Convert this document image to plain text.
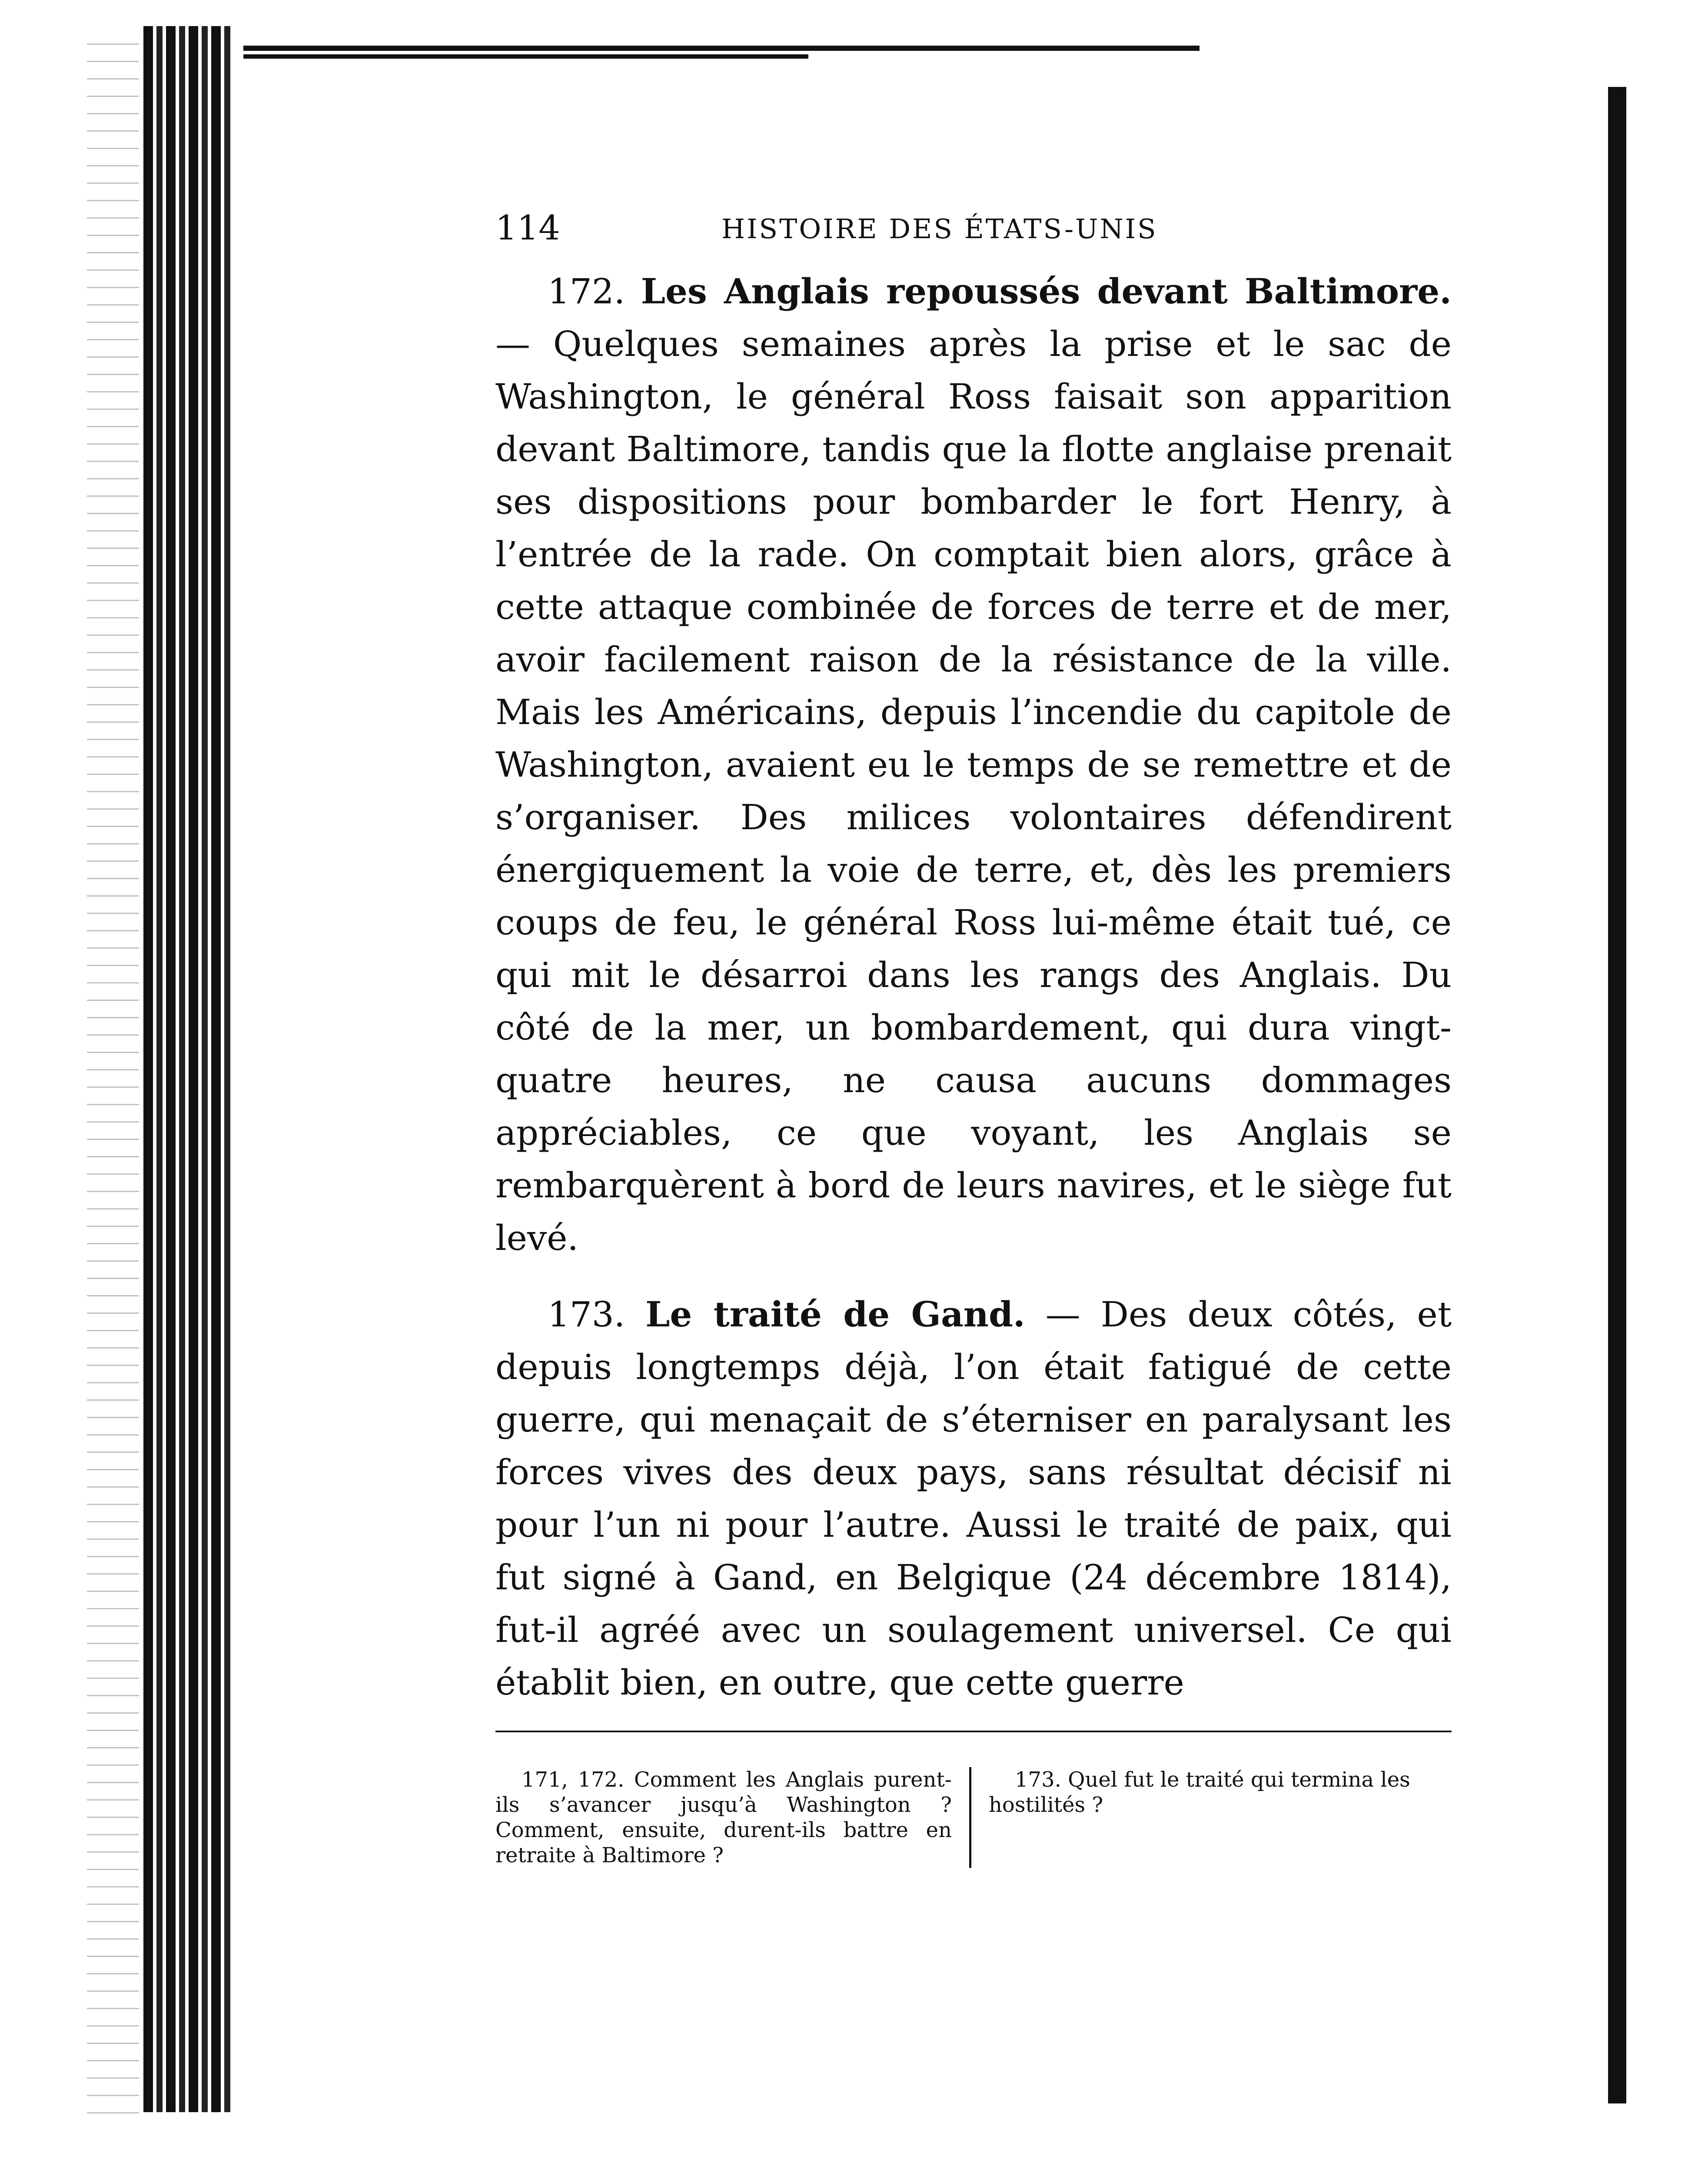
114	HISTOIRE DES ÉTATS-UNIS

172. Les Anglais repoussés devant Baltimore. — Quelques semaines après la prise et le sac de Washington, le général Ross faisait son apparition devant Baltimore, tandis que la flotte anglaise prenait ses dispositions pour bombarder le fort Henry, à l’entrée de la rade. On comptait bien alors, grâce à cette attaque combinée de forces de terre et de mer, avoir facilement raison de la résistance de la ville. Mais les Américains, depuis l’incendie du capitole de Washington, avaient eu le temps de se remettre et de s’organiser. Des milices volontaires défendirent énergiquement la voie de terre, et, dès les premiers coups de feu, le général Ross lui-même était tué, ce qui mit le désarroi dans les rangs des Anglais. Du côté de la mer, un bombardement, qui dura vingt-quatre heures, ne causa aucuns dommages appréciables, ce que voyant, les Anglais se rembarquèrent à bord de leurs navires, et le siège fut levé.

173. Le traité de Gand. — Des deux côtés, et depuis longtemps déjà, l’on était fatigué de cette guerre, qui menaçait de s’éterniser en paralysant les forces vives des deux pays, sans résultat décisif ni pour l’un ni pour l’autre. Aussi le traité de paix, qui fut signé à Gand, en Belgique (24 décembre 1814), fut-il agréé avec un soulagement universel. Ce qui établit bien, en outre, que cette guerre

171, 172. Comment les Anglais purent-ils s’avancer jusqu’à Washington ? Comment, ensuite, durent-ils battre en retraite à Baltimore ?
173. Quel fut le traité qui termina les hostilités ?
